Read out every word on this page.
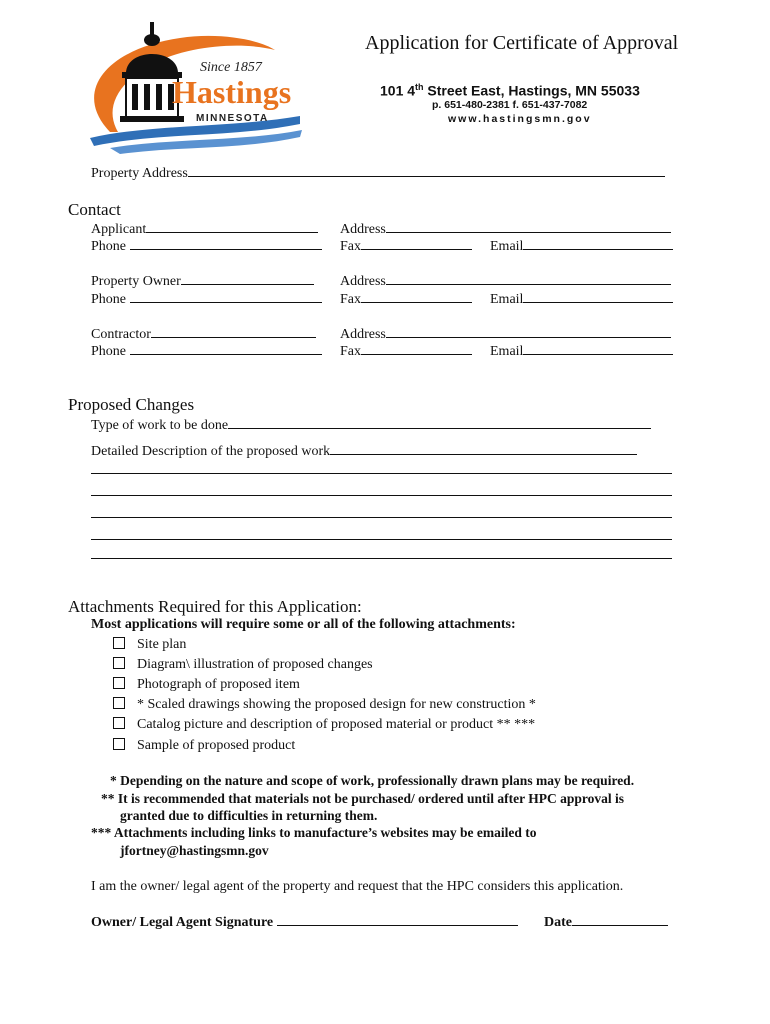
Since 1857
Hastings
MINNESOTA
Application for Certificate of Approval
101 4th Street East, Hastings, MN 55033
p. 651-480-2381 f. 651-437-7082
www.hastingsmn.gov
Property Address
Contact
Applicant	Address
Phone	Fax	Email
Property Owner	Address
Phone	Fax	Email
Contractor	Address
Phone	Fax	Email
Proposed Changes
Type of work to be done
Detailed Description of the proposed work
Attachments Required for this Application:
Most applications will require some or all of the following attachments:
Site plan
Diagram\ illustration of proposed changes
Photograph of proposed item
* Scaled drawings showing the proposed design for new construction *
Catalog picture and description of proposed material or product ** ***
Sample of proposed product
* Depending on the nature and scope of work, professionally drawn plans may be required.
** It is recommended that materials not be purchased/ ordered until after HPC approval is
granted due to difficulties in returning them.
*** Attachments including links to manufacture’s websites may be emailed to
jfortney@hastingsmn.gov
I am the owner/ legal agent of the property and request that the HPC considers this application.
Owner/ Legal Agent Signature	Date
